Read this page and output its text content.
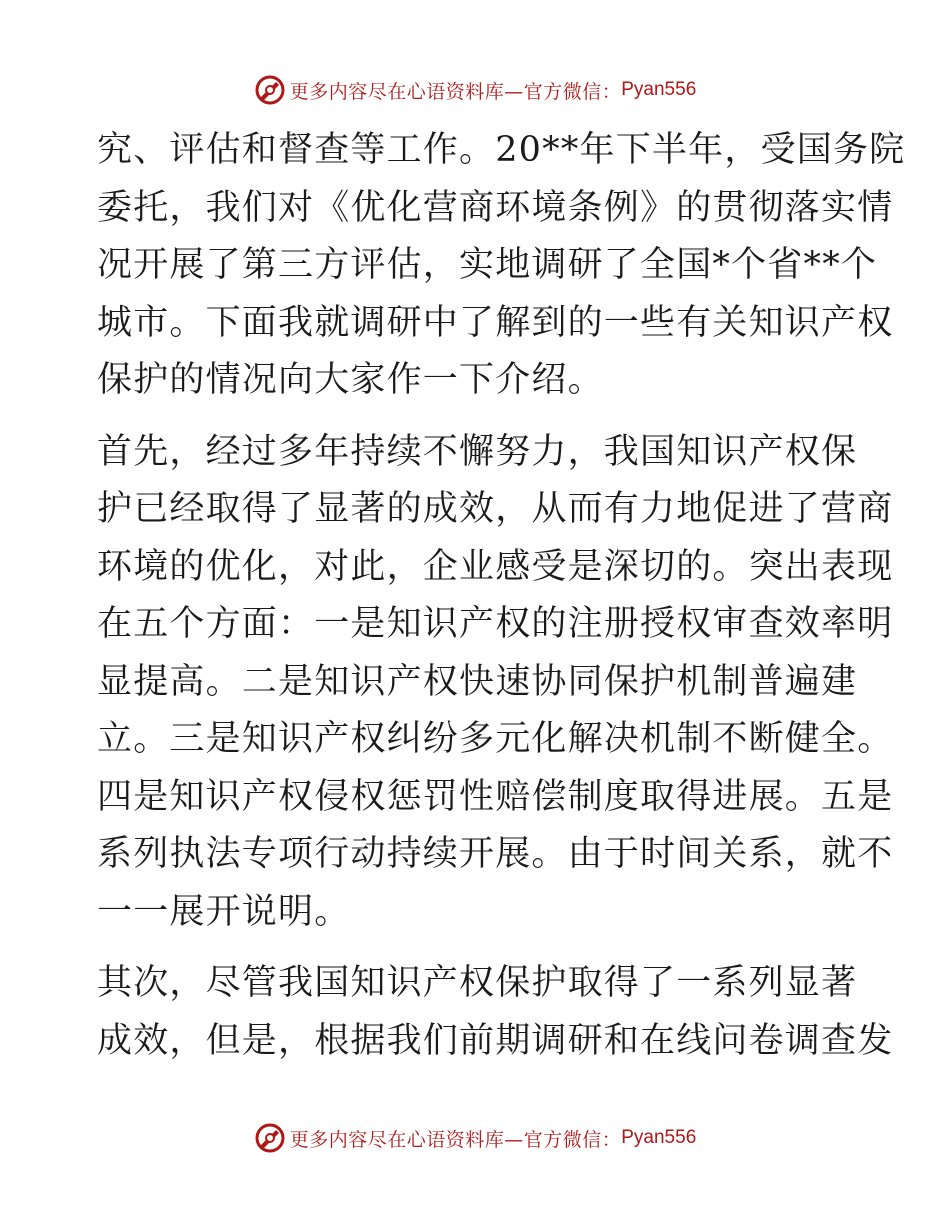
更多内容尽在心语资料库—官方微信： Pyan556

究、评估和督查等工作。20**年下半年，受国务院
委托，我们对《优化营商环境条例》的贯彻落实情
况开展了第三方评估，实地调研了全国*个省**个
城市。下面我就调研中了解到的一些有关知识产权
保护的情况向大家作一下介绍。

首先，经过多年持续不懈努力，我国知识产权保
护已经取得了显著的成效，从而有力地促进了营商
环境的优化，对此，企业感受是深切的。突出表现
在五个方面：一是知识产权的注册授权审查效率明
显提高。二是知识产权快速协同保护机制普遍建
立。三是知识产权纠纷多元化解决机制不断健全。
四是知识产权侵权惩罚性赔偿制度取得进展。五是
系列执法专项行动持续开展。由于时间关系，就不
一一展开说明。

其次，尽管我国知识产权保护取得了一系列显著
成效，但是，根据我们前期调研和在线问卷调查发

更多内容尽在心语资料库—官方微信： Pyan556
